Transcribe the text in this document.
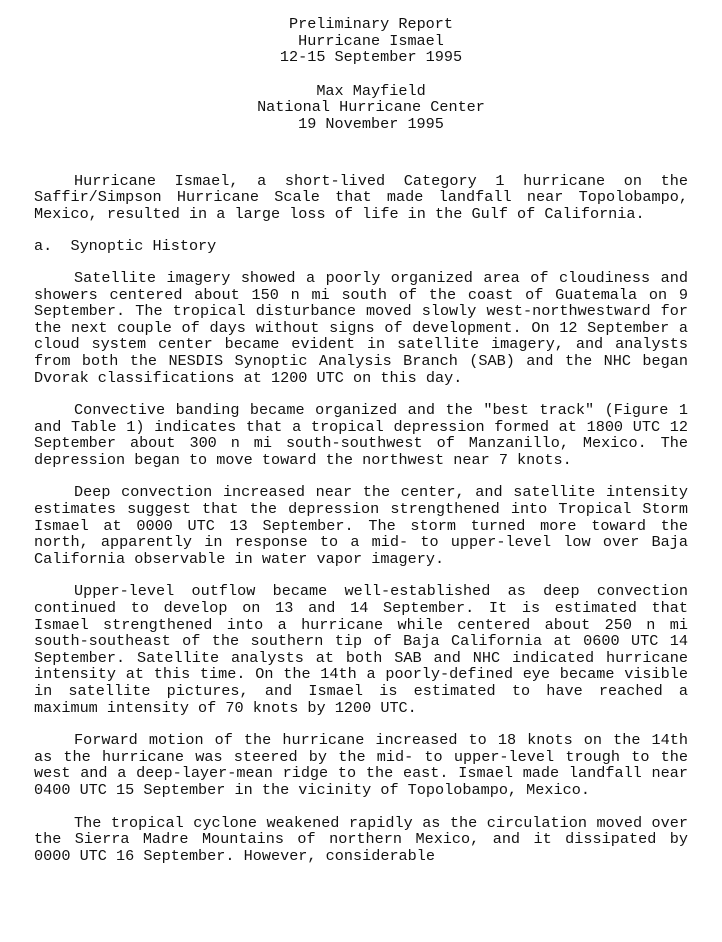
Preliminary Report
Hurricane Ismael
12-15 September 1995
Max Mayfield
National Hurricane Center
19 November 1995

Hurricane Ismael, a short-lived Category 1 hurricane on the Saffir/Simpson Hurricane Scale that made landfall near Topolobampo, Mexico, resulted in a large loss of life in the Gulf of California.

a.  Synoptic History

Satellite imagery showed a poorly organized area of cloudiness and showers centered about 150 n mi south of the coast of Guatemala on 9 September. The tropical disturbance moved slowly west-northwestward for the next couple of days without signs of development. On 12 September a cloud system center became evident in satellite imagery, and analysts from both the NESDIS Synoptic Analysis Branch (SAB) and the NHC began Dvorak classifications at 1200 UTC on this day.

Convective banding became organized and the "best track" (Figure 1 and Table 1) indicates that a tropical depression formed at 1800 UTC 12 September about 300 n mi south-southwest of Manzanillo, Mexico. The depression began to move toward the northwest near 7 knots.

Deep convection increased near the center, and satellite intensity estimates suggest that the depression strengthened into Tropical Storm Ismael at 0000 UTC 13 September. The storm turned more toward the north, apparently in response to a mid- to upper-level low over Baja California observable in water vapor imagery.

Upper-level outflow became well-established as deep convection continued to develop on 13 and 14 September. It is estimated that Ismael strengthened into a hurricane while centered about 250 n mi south-southeast of the southern tip of Baja California at 0600 UTC 14 September. Satellite analysts at both SAB and NHC indicated hurricane intensity at this time. On the 14th a poorly-defined eye became visible in satellite pictures, and Ismael is estimated to have reached a maximum intensity of 70 knots by 1200 UTC.

Forward motion of the hurricane increased to 18 knots on the 14th as the hurricane was steered by the mid- to upper-level trough to the west and a deep-layer-mean ridge to the east. Ismael made landfall near 0400 UTC 15 September in the vicinity of Topolobampo, Mexico.

The tropical cyclone weakened rapidly as the circulation moved over the Sierra Madre Mountains of northern Mexico, and it dissipated by 0000 UTC 16 September. However, considerable
